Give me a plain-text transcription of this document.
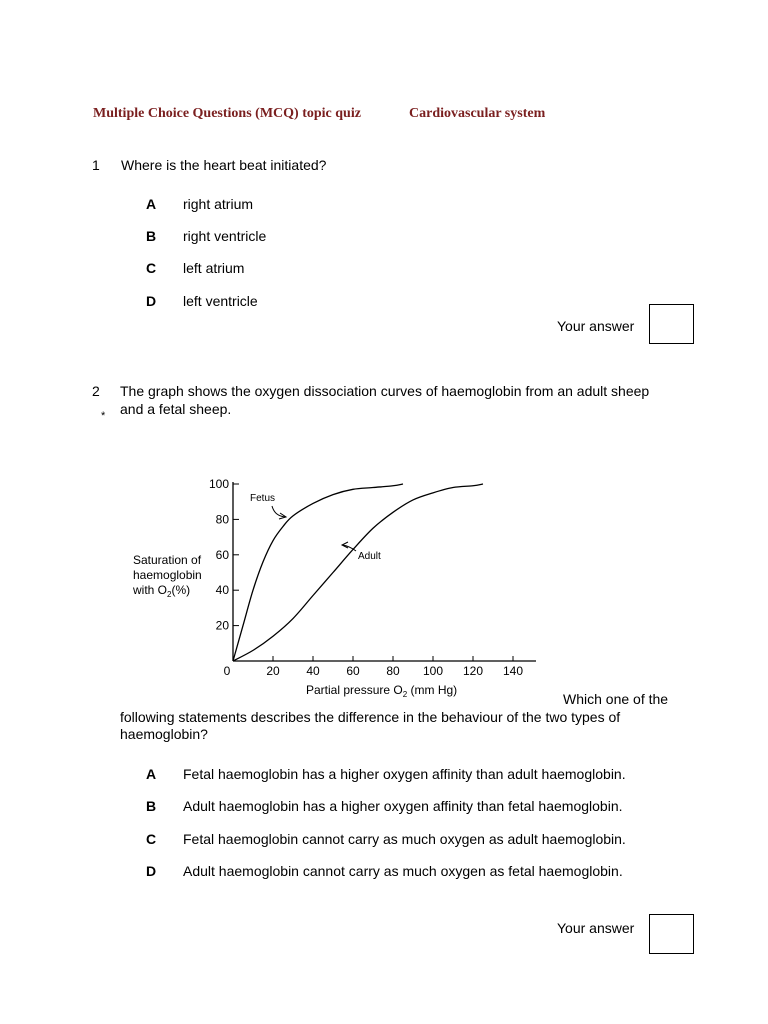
Multiple Choice Questions (MCQ) topic quiz	Cardiovascular system
1 Where is the heart beat initiated?
A right atrium
B right ventricle
C left atrium
D left ventricle
Your answer
2 The graph shows the oxygen dissociation curves of haemoglobin from an adult sheep
and a fetal sheep.
*
0	20 40 60 80 100 120 140
20
40
60
80
100
Saturation of
haemoglobin
with $O_2(\%)$
Partial pressure $O_2$ (mm Hg)
Fetus
Adult
Which one of the
following statements describes the difference in the behaviour of the two types of
haemoglobin?
A Fetal haemoglobin has a higher oxygen affinity than adult haemoglobin.
B Adult haemoglobin has a higher oxygen affinity than fetal haemoglobin.
C Fetal haemoglobin cannot carry as much oxygen as adult haemoglobin.
D Adult haemoglobin cannot carry as much oxygen as fetal haemoglobin.
Your answer
